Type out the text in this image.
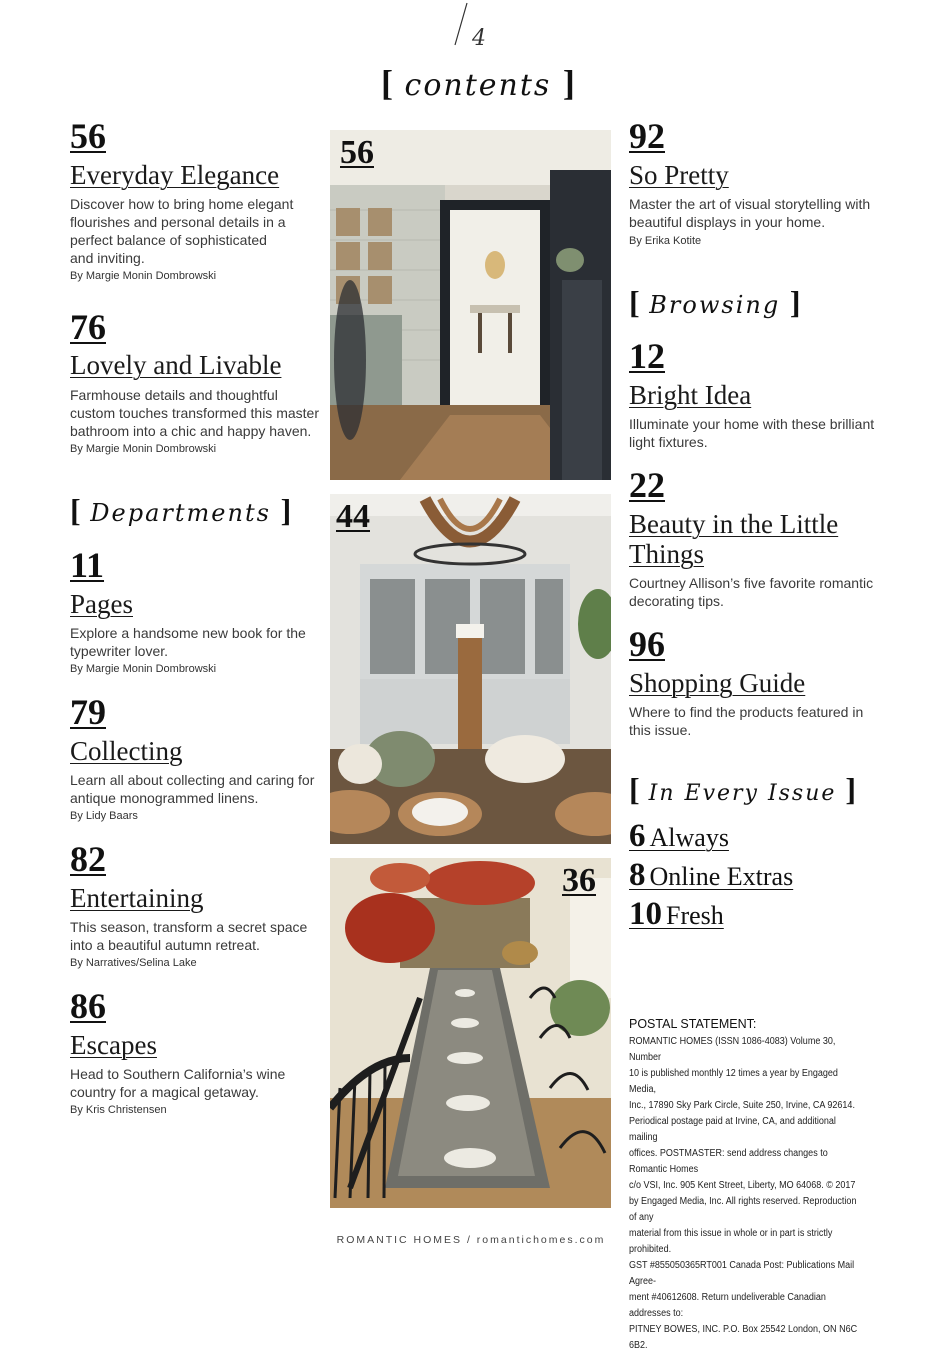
4
[ contents ]
56
Everyday Elegance
Discover how to bring home elegant
flourishes and personal details in a
perfect balance of sophisticated
and inviting.
By Margie Monin Dombrowski
76
Lovely and Livable
Farmhouse details and thoughtful
custom touches transformed this master
bathroom into a chic and happy haven.
By Margie Monin Dombrowski
[ Departments ]
11
Pages
Explore a handsome new book for the
typewriter lover.
By Margie Monin Dombrowski
79
Collecting
Learn all about collecting and caring for
antique monogrammed linens.
By Lidy Baars
82
Entertaining
This season, transform a secret space
into a beautiful autumn retreat.
By Narratives/Selina Lake
86
Escapes
Head to Southern California’s wine
country for a magical getaway.
By Kris Christensen
56
44
36
92
So Pretty
Master the art of visual storytelling with
beautiful displays in your home.
By Erika Kotite
[ Browsing ]
12
Bright Idea
Illuminate your home with these brilliant
light fixtures.
22
Beauty in the Little
Things
Courtney Allison’s five favorite romantic
decorating tips.
96
Shopping Guide
Where to find the products featured in
this issue.
[ In Every Issue ]
6 Always
8 Online Extras
10 Fresh
POSTAL STATEMENT:
ROMANTIC HOMES (ISSN 1086-4083) Volume 30, Number
10 is published monthly 12 times a year by Engaged Media,
Inc., 17890 Sky Park Circle, Suite 250, Irvine, CA 92614.
Periodical postage paid at Irvine, CA, and additional mailing
offices. POSTMASTER: send address changes to Romantic Homes
c/o VSI, Inc. 905 Kent Street, Liberty, MO 64068. © 2017
by Engaged Media, Inc. All rights reserved. Reproduction of any
material from this issue in whole or in part is strictly prohibited.
GST #855050365RT001 Canada Post: Publications Mail Agree-
ment #40612608. Return undeliverable Canadian addresses to:
PITNEY BOWES, INC. P.O. Box 25542 London, ON N6C 6B2.
ROMANTIC HOMES / romantichomes.com
